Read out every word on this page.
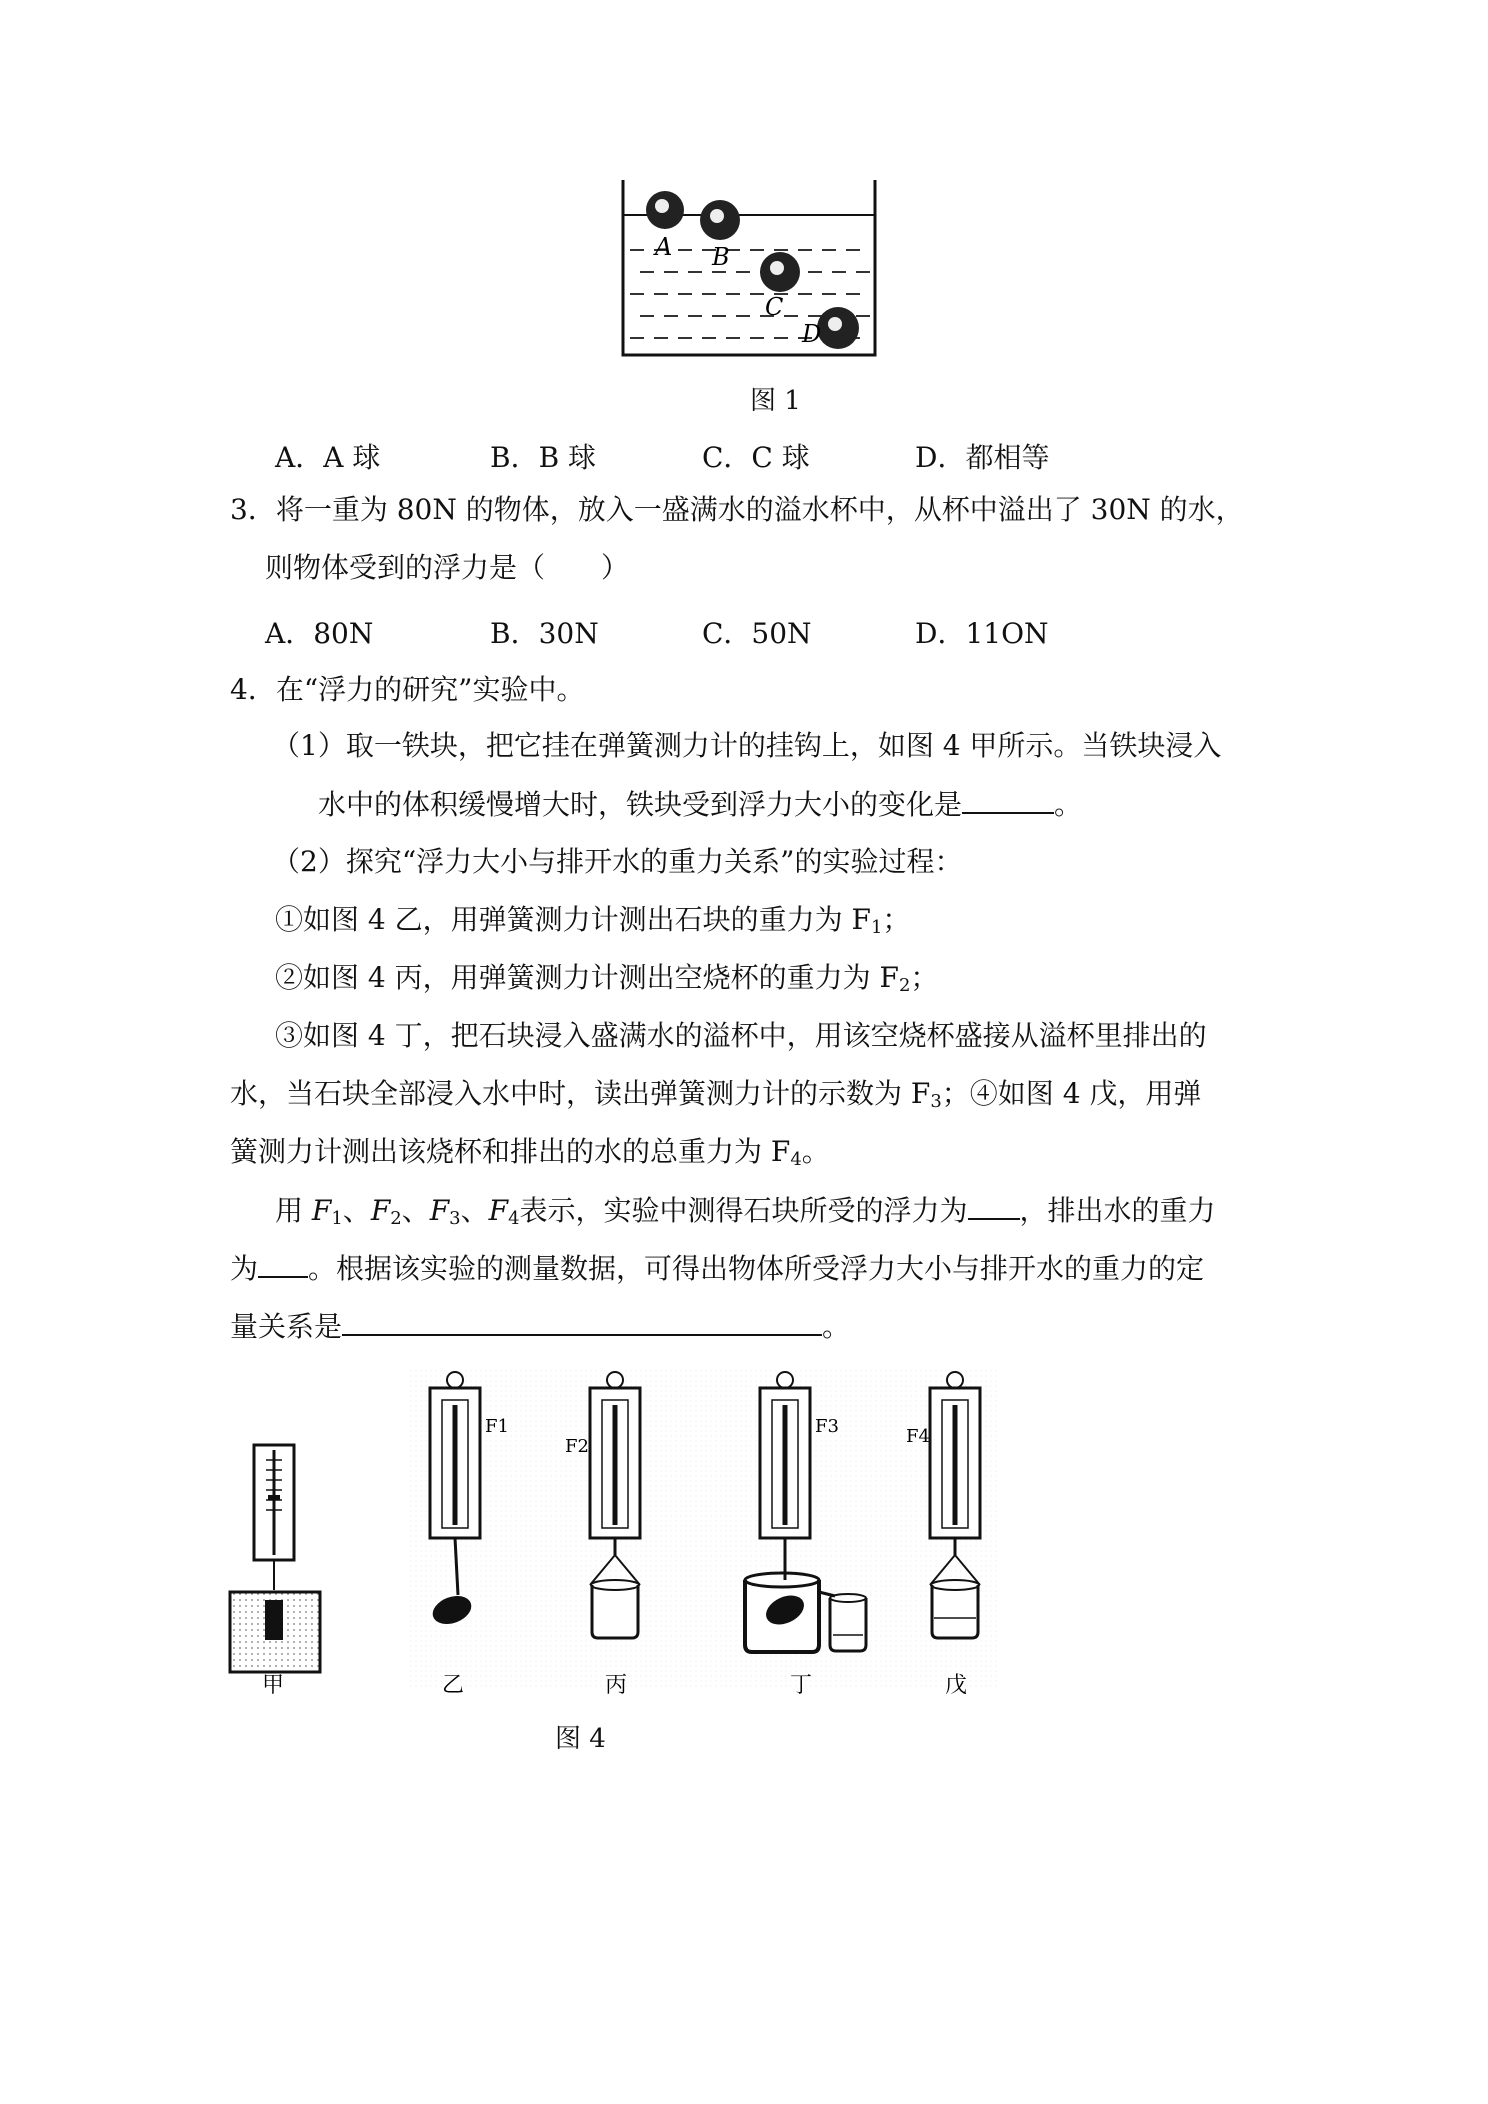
A B
C
D
图 1
A．A 球	B．B 球	C．C 球	D．都相等
3．将一重为 80N 的物体，放入一盛满水的溢水杯中，从杯中溢出了 30N 的水，
则物体受到的浮力是（　　）
A．80N	B．30N	C．50N	D．11ON
4．在“浮力的研究”实验中。
（1）取一铁块，把它挂在弹簧测力计的挂钩上，如图 4 甲所示。当铁块浸入
水中的体积缓慢增大时，铁块受到浮力大小的变化是	。
（2）探究“浮力大小与排开水的重力关系”的实验过程：
①如图 4 乙，用弹簧测力计测出石块的重力为 $F_1$；
②如图 4 丙，用弹簧测力计测出空烧杯的重力为 $F_2$；
③如图 4 丁，把石块浸入盛满水的溢杯中，用该空烧杯盛接从溢杯里排出的
水，当石块全部浸入水中时，读出弹簧测力计的示数为 $F_3$；④如图 4 戊，用弹
簧测力计测出该烧杯和排出的水的总重力为 $F_4$。
用 $F_1$、$F_2$、$F_3$、$F_4$表示，实验中测得石块所受的浮力为 ，排出水的重力
为 。根据该实验的测量数据，可得出物体所受浮力大小与排开水的重力的定
量关系是	。
F1
F2
F3	F4
甲	乙	丙	丁	戊
图 4
